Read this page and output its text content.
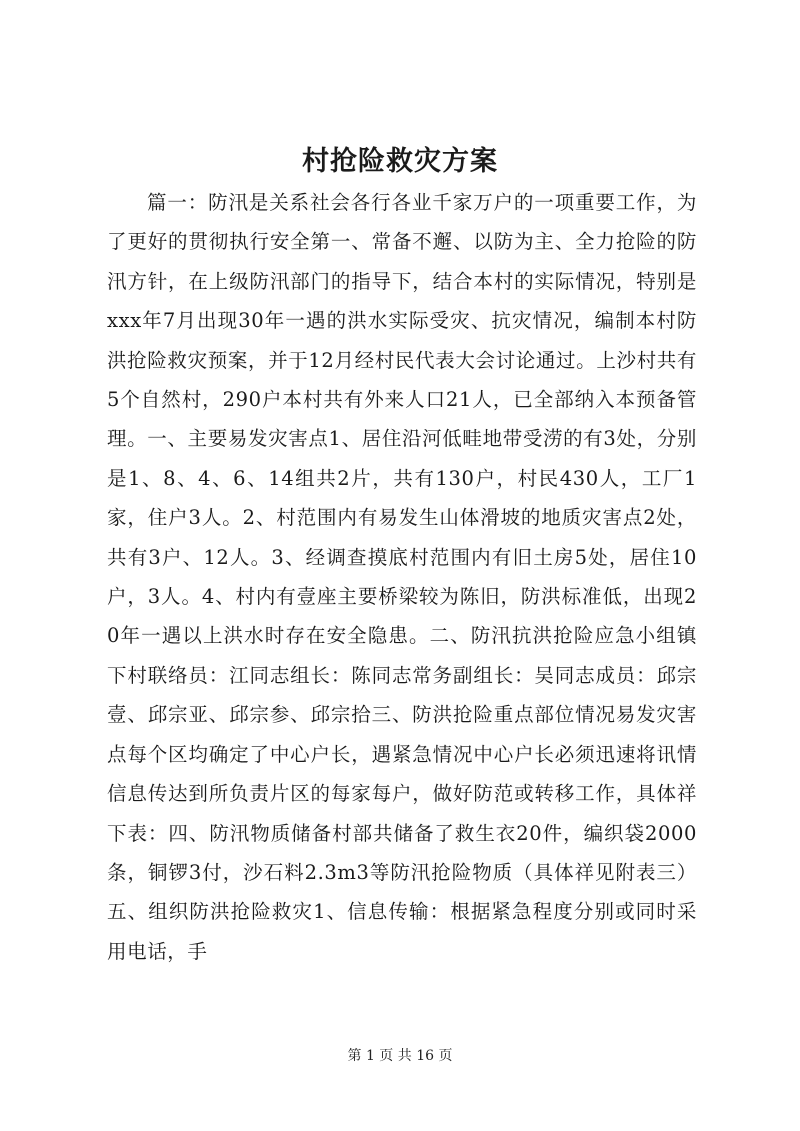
村抢险救灾方案

篇一：防汛是关系社会各行各业千家万户的一项重要工作，为了更好的贯彻执行安全第一、常备不邂、以防为主、全力抢险的防汛方针，在上级防汛部门的指导下，结合本村的实际情况，特别是xxx年7月出现30年一遇的洪水实际受灾、抗灾情况，编制本村防洪抢险救灾预案，并于12月经村民代表大会讨论通过。上沙村共有5个自然村，290户本村共有外来人口21人，已全部纳入本预备管理。一、主要易发灾害点1、居住沿河低畦地带受涝的有3处，分别是1、8、4、6、14组共2片，共有130户，村民430人，工厂1家，住户3人。2、村范围内有易发生山体滑坡的地质灾害点2处，共有3户、12人。3、经调查摸底村范围内有旧土房5处，居住10户，3人。4、村内有壹座主要桥梁较为陈旧，防洪标准低，出现20年一遇以上洪水时存在安全隐患。二、防汛抗洪抢险应急小组镇下村联络员：江同志组长：陈同志常务副组长：吴同志成员：邱宗壹、邱宗亚、邱宗参、邱宗拾三、防洪抢险重点部位情况易发灾害点每个区均确定了中心户长，遇紧急情况中心户长必须迅速将讯情信息传达到所负责片区的每家每户，做好防范或转移工作，具体祥下表：四、防汛物质储备村部共储备了救生衣20件，编织袋2000条，铜锣3付，沙石料2.3m3等防汛抢险物质（具体祥见附表三）五、组织防洪抢险救灾1、信息传输：根据紧急程度分别或同时采用电话，手

第 1 页 共 16 页
